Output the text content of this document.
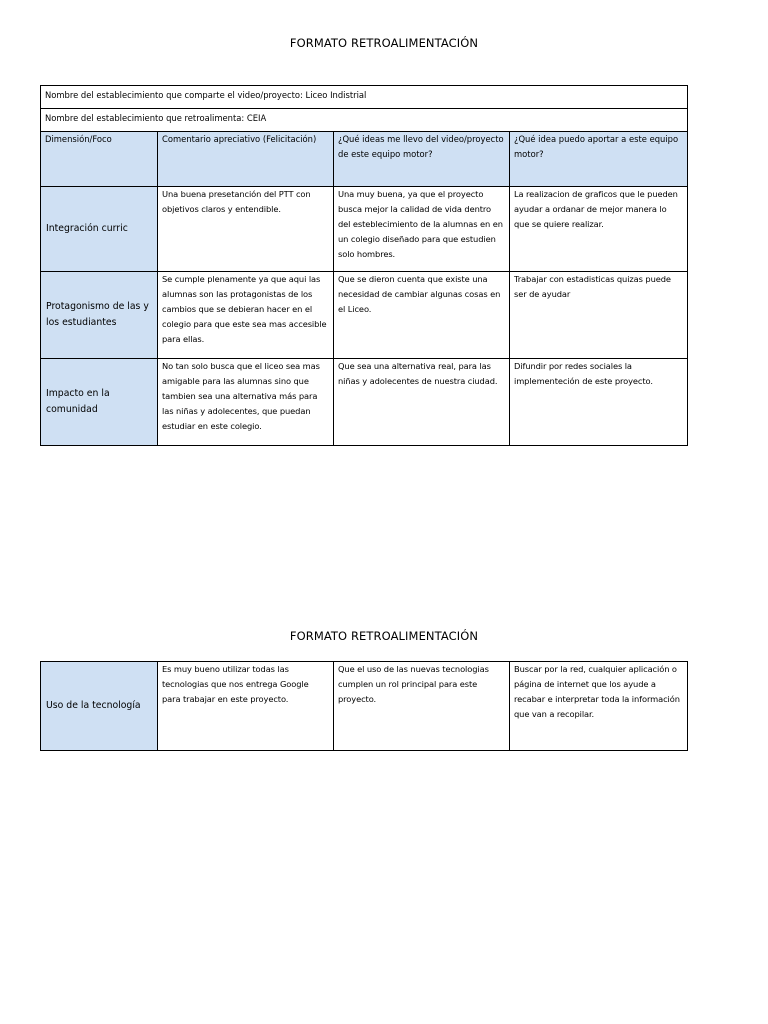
FORMATO RETROALIMENTACIÓN
Nombre del establecimiento que comparte el video/proyecto: Liceo Indistrial			
Nombre del establecimiento que retroalimenta: CEIA			
Dimensión/Foco	Comentario apreciativo (Felicitación)	¿Qué ideas me llevo del video/proyecto de este equipo motor?	¿Qué idea puedo aportar a este equipo motor?
Integración curric	Una buena presetanción del PTT con objetivos claros y entendible.	Una muy buena, ya que el proyecto busca mejor la calidad de vida dentro del esteblecimiento de la alumnas en en un colegio diseñado para que estudien solo hombres.	La realizacion de graficos que le pueden ayudar a ordanar de mejor manera lo que se quiere realizar.
Protagonismo de las y los estudiantes	Se cumple plenamente ya que aqui las alumnas son las protagonistas de los cambios que se debieran hacer en el colegio para que este sea mas accesible para ellas.	Que se dieron cuenta que existe una necesidad de cambiar algunas cosas en el Liceo.	Trabajar con estadisticas quizas puede ser de ayudar
Impacto en la comunidad	No tan solo busca que el liceo sea mas amigable para las alumnas sino que tambien sea una alternativa más para las niñas y adolecentes, que puedan estudiar en este colegio.	Que sea una alternativa real, para las niñas y adolecentes de nuestra ciudad.	Difundir por redes sociales la implementeción de este proyecto.
FORMATO RETROALIMENTACIÓN
Uso de la tecnología	Es muy bueno utilizar todas las tecnologias que nos entrega Google para trabajar en este proyecto.	Que el uso de las nuevas tecnologias cumplen un rol principal para este proyecto.	Buscar por la red, cualquier aplicación o página de internet que los ayude a recabar e interpretar toda la información que van a recopilar.
